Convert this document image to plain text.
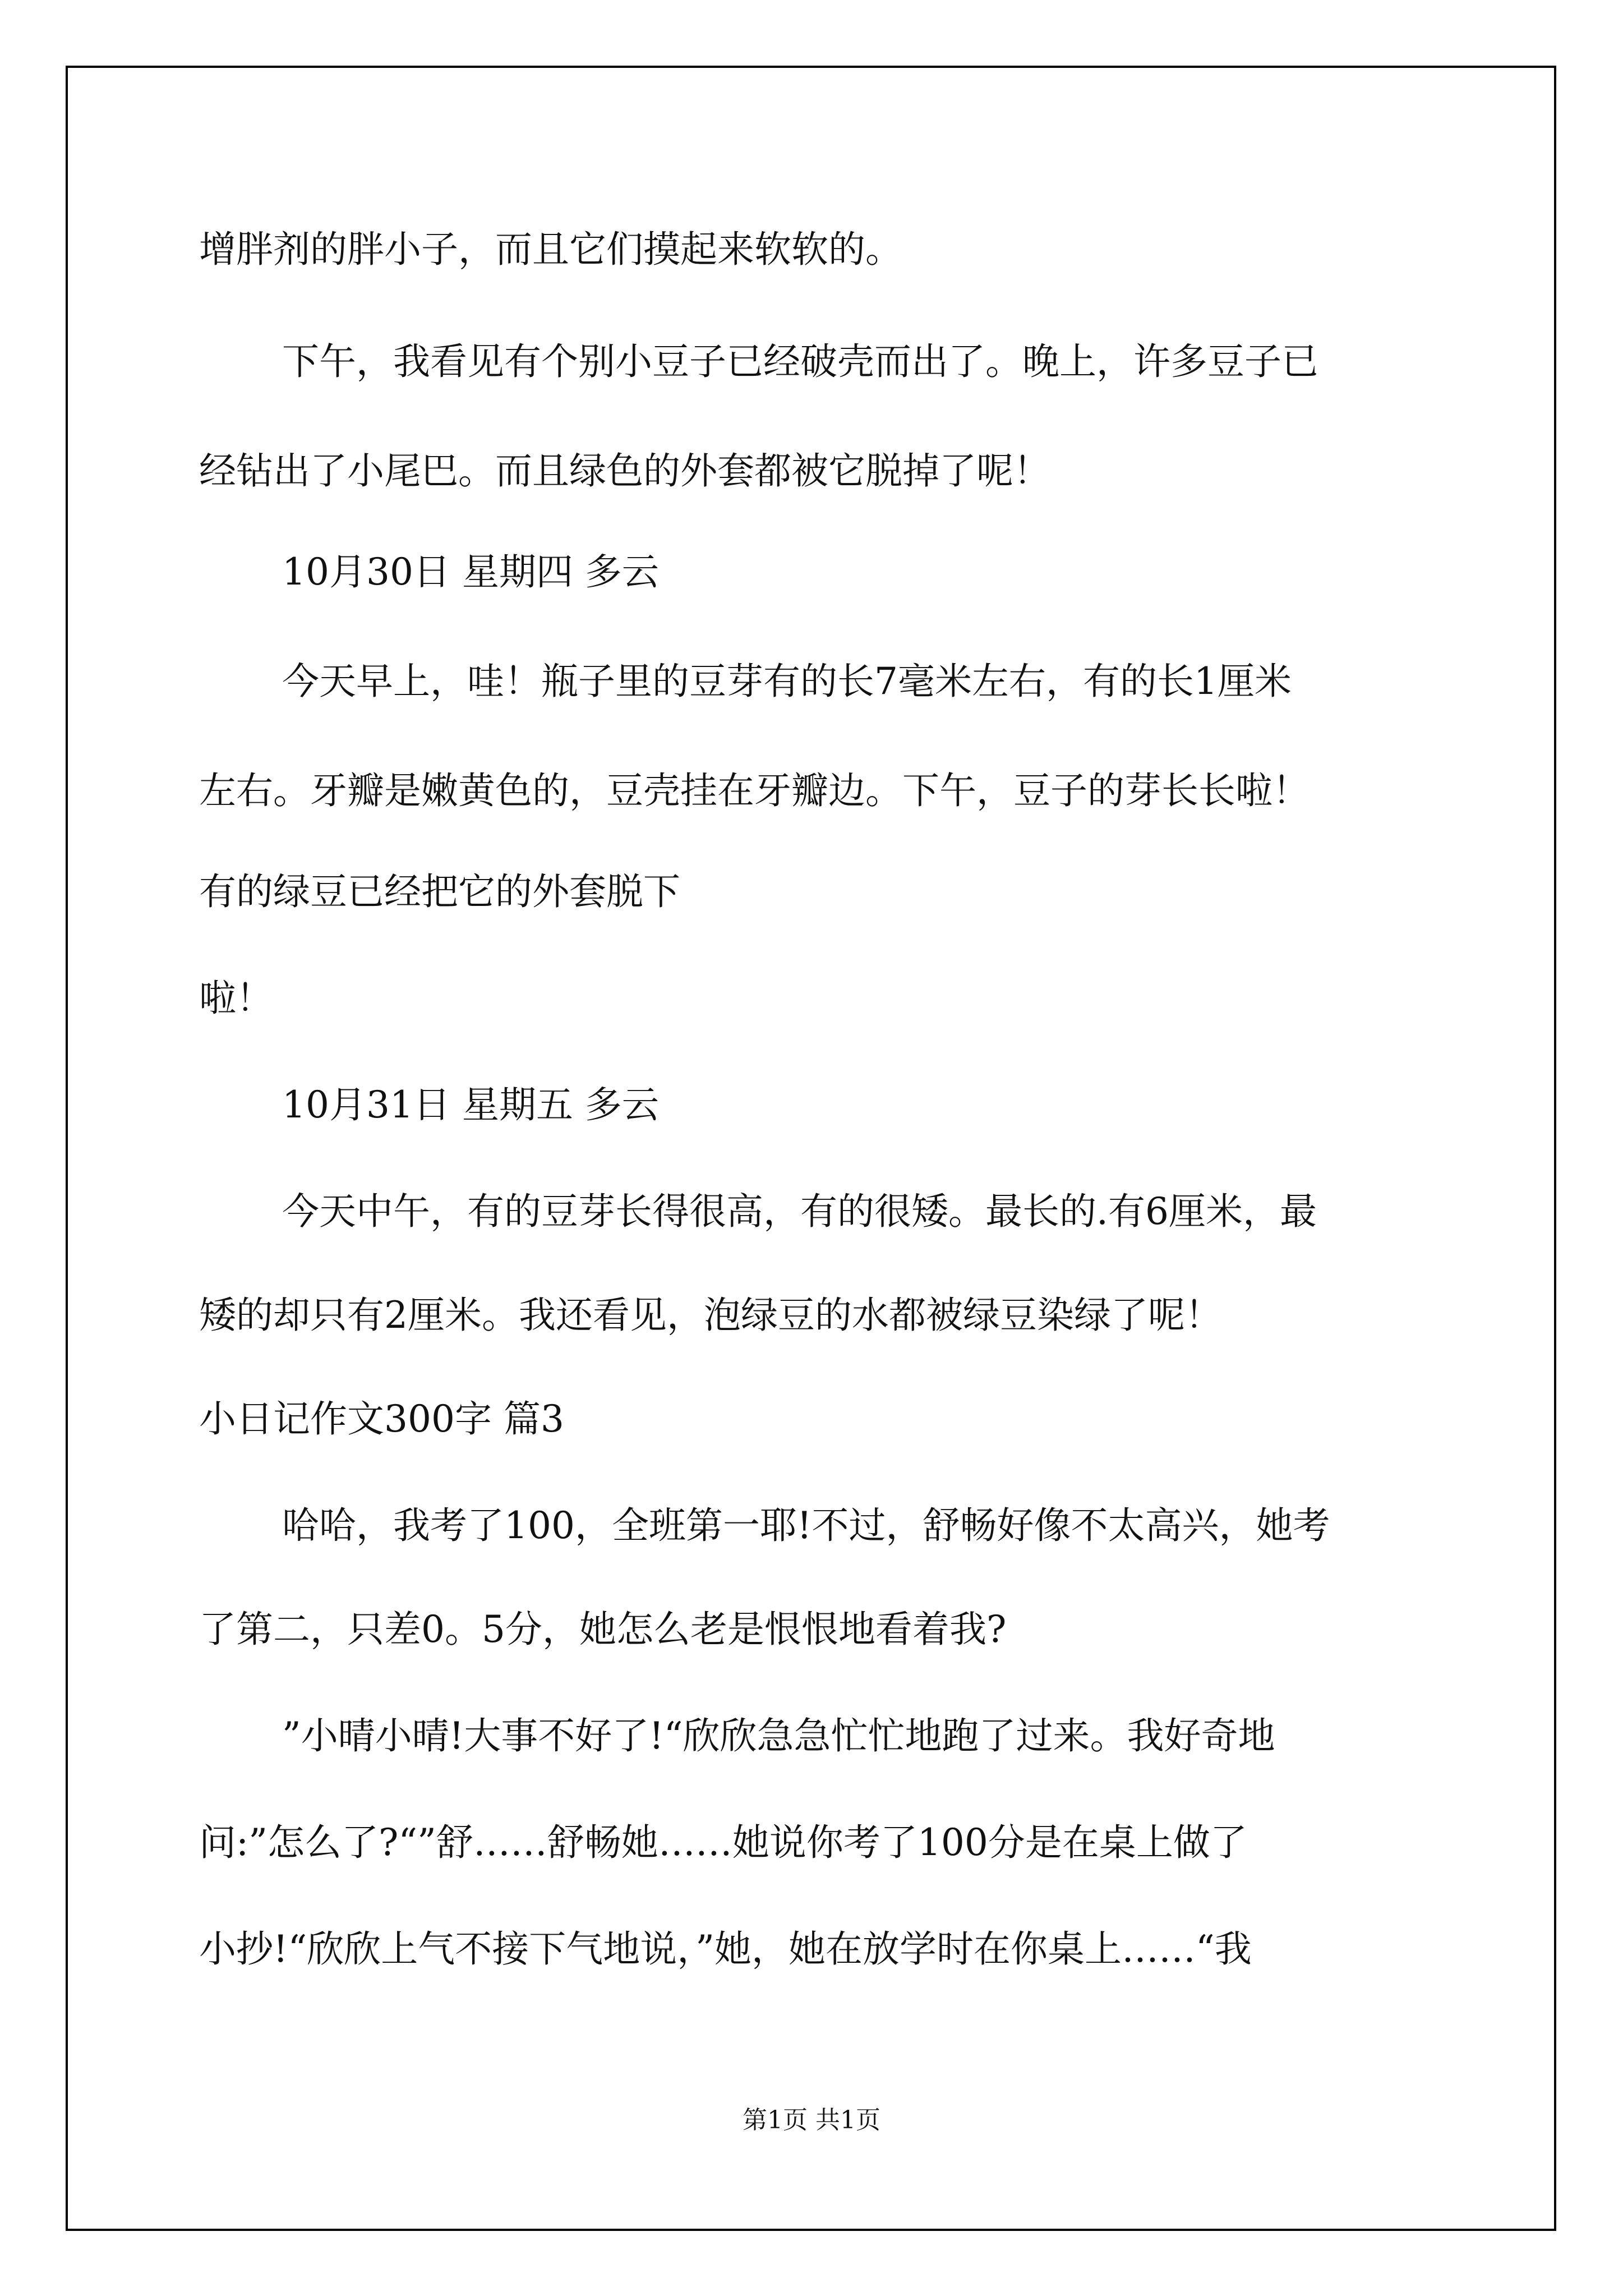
增胖剂的胖小子，而且它们摸起来软软的。
下午，我看见有个别小豆子已经破壳而出了。晚上，许多豆子已
经钻出了小尾巴。而且绿色的外套都被它脱掉了呢！
10月30日 星期四 多云
今天早上，哇！瓶子里的豆芽有的长7毫米左右，有的长1厘米
左右。牙瓣是嫩黄色的，豆壳挂在牙瓣边。下午，豆子的芽长长啦！
有的绿豆已经把它的外套脱下
啦！
10月31日 星期五 多云
今天中午，有的豆芽长得很高，有的很矮。最长的.有6厘米，最
矮的却只有2厘米。我还看见，泡绿豆的水都被绿豆染绿了呢！
小日记作文300字 篇3
哈哈，我考了100，全班第一耶!不过，舒畅好像不太高兴，她考
了第二，只差0。5分，她怎么老是恨恨地看着我?
”小晴小晴!大事不好了!“欣欣急急忙忙地跑了过来。我好奇地
问:”怎么了?“”舒……舒畅她……她说你考了100分是在桌上做了
小抄!“欣欣上气不接下气地说，”她，她在放学时在你桌上……“我
第1页 共1页
